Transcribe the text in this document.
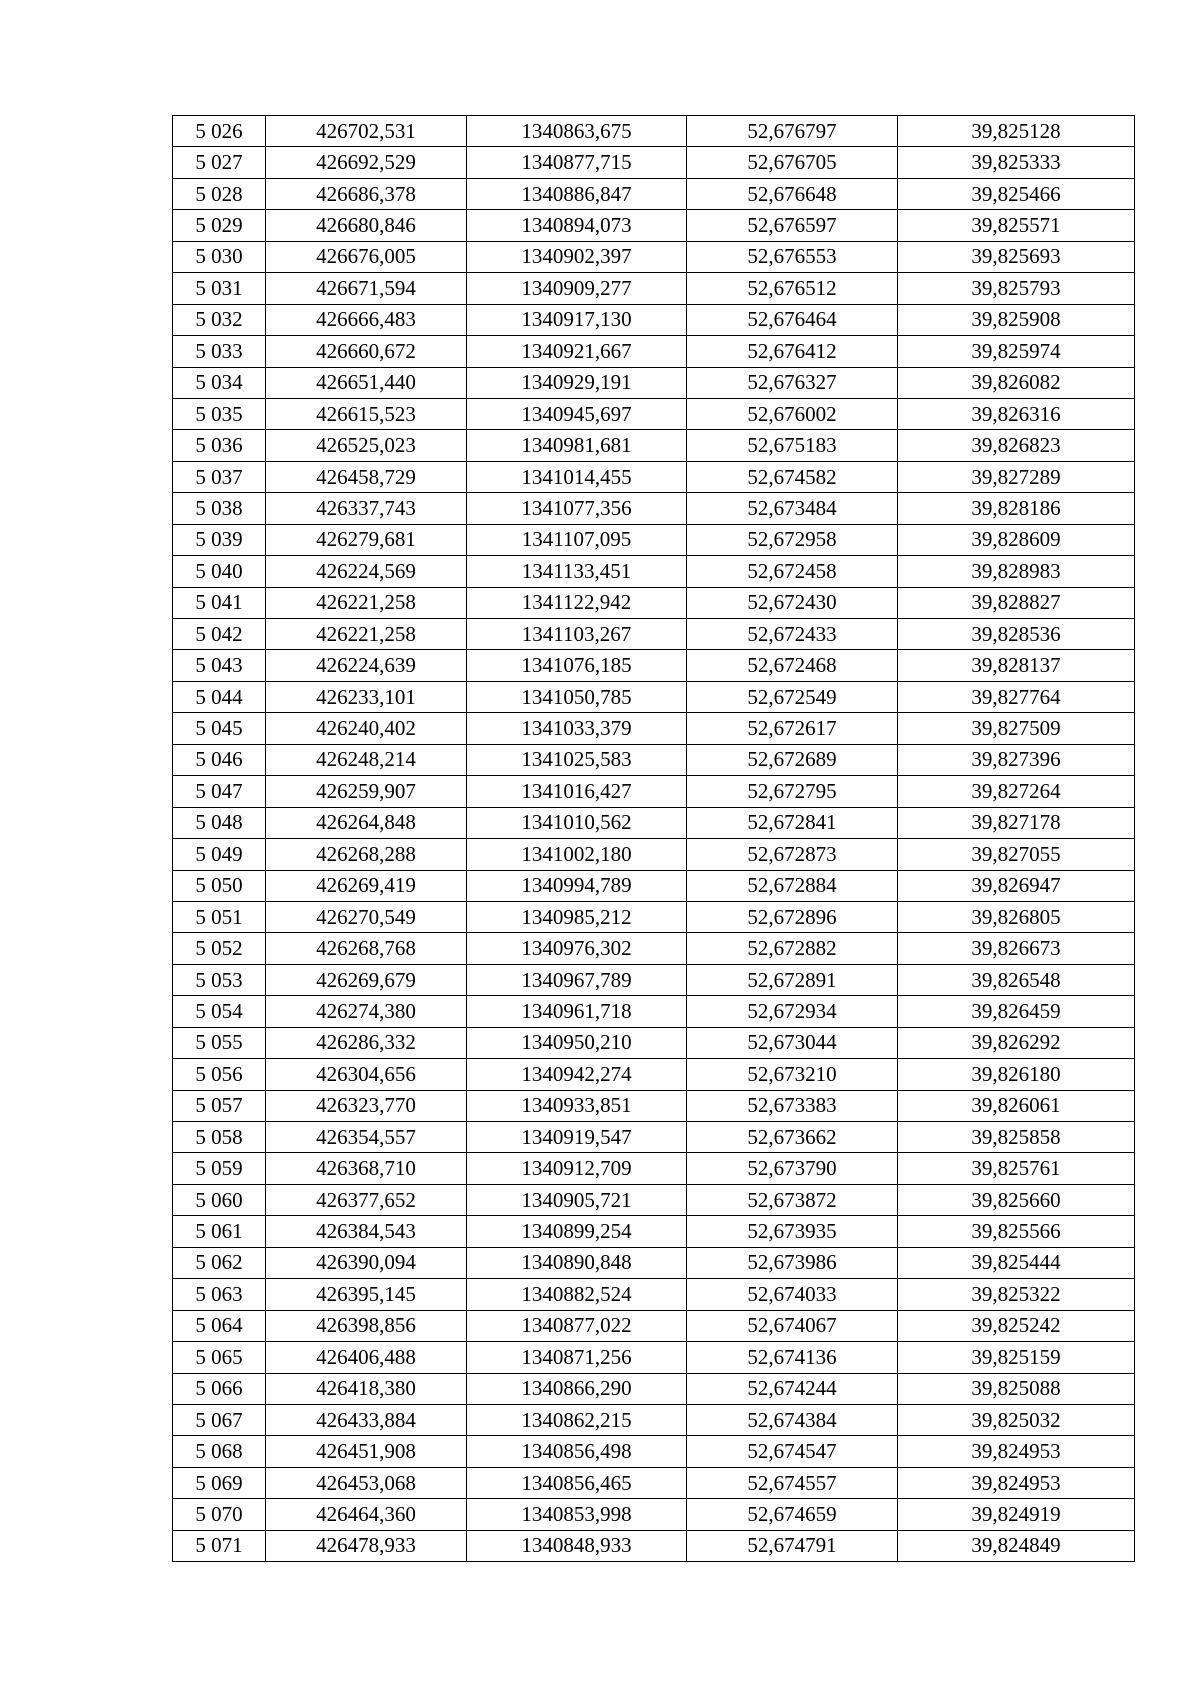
5 026	426702,531	1340863,675	52,676797	39,825128
5 027	426692,529	1340877,715	52,676705	39,825333
5 028	426686,378	1340886,847	52,676648	39,825466
5 029	426680,846	1340894,073	52,676597	39,825571
5 030	426676,005	1340902,397	52,676553	39,825693
5 031	426671,594	1340909,277	52,676512	39,825793
5 032	426666,483	1340917,130	52,676464	39,825908
5 033	426660,672	1340921,667	52,676412	39,825974
5 034	426651,440	1340929,191	52,676327	39,826082
5 035	426615,523	1340945,697	52,676002	39,826316
5 036	426525,023	1340981,681	52,675183	39,826823
5 037	426458,729	1341014,455	52,674582	39,827289
5 038	426337,743	1341077,356	52,673484	39,828186
5 039	426279,681	1341107,095	52,672958	39,828609
5 040	426224,569	1341133,451	52,672458	39,828983
5 041	426221,258	1341122,942	52,672430	39,828827
5 042	426221,258	1341103,267	52,672433	39,828536
5 043	426224,639	1341076,185	52,672468	39,828137
5 044	426233,101	1341050,785	52,672549	39,827764
5 045	426240,402	1341033,379	52,672617	39,827509
5 046	426248,214	1341025,583	52,672689	39,827396
5 047	426259,907	1341016,427	52,672795	39,827264
5 048	426264,848	1341010,562	52,672841	39,827178
5 049	426268,288	1341002,180	52,672873	39,827055
5 050	426269,419	1340994,789	52,672884	39,826947
5 051	426270,549	1340985,212	52,672896	39,826805
5 052	426268,768	1340976,302	52,672882	39,826673
5 053	426269,679	1340967,789	52,672891	39,826548
5 054	426274,380	1340961,718	52,672934	39,826459
5 055	426286,332	1340950,210	52,673044	39,826292
5 056	426304,656	1340942,274	52,673210	39,826180
5 057	426323,770	1340933,851	52,673383	39,826061
5 058	426354,557	1340919,547	52,673662	39,825858
5 059	426368,710	1340912,709	52,673790	39,825761
5 060	426377,652	1340905,721	52,673872	39,825660
5 061	426384,543	1340899,254	52,673935	39,825566
5 062	426390,094	1340890,848	52,673986	39,825444
5 063	426395,145	1340882,524	52,674033	39,825322
5 064	426398,856	1340877,022	52,674067	39,825242
5 065	426406,488	1340871,256	52,674136	39,825159
5 066	426418,380	1340866,290	52,674244	39,825088
5 067	426433,884	1340862,215	52,674384	39,825032
5 068	426451,908	1340856,498	52,674547	39,824953
5 069	426453,068	1340856,465	52,674557	39,824953
5 070	426464,360	1340853,998	52,674659	39,824919
5 071	426478,933	1340848,933	52,674791	39,824849
